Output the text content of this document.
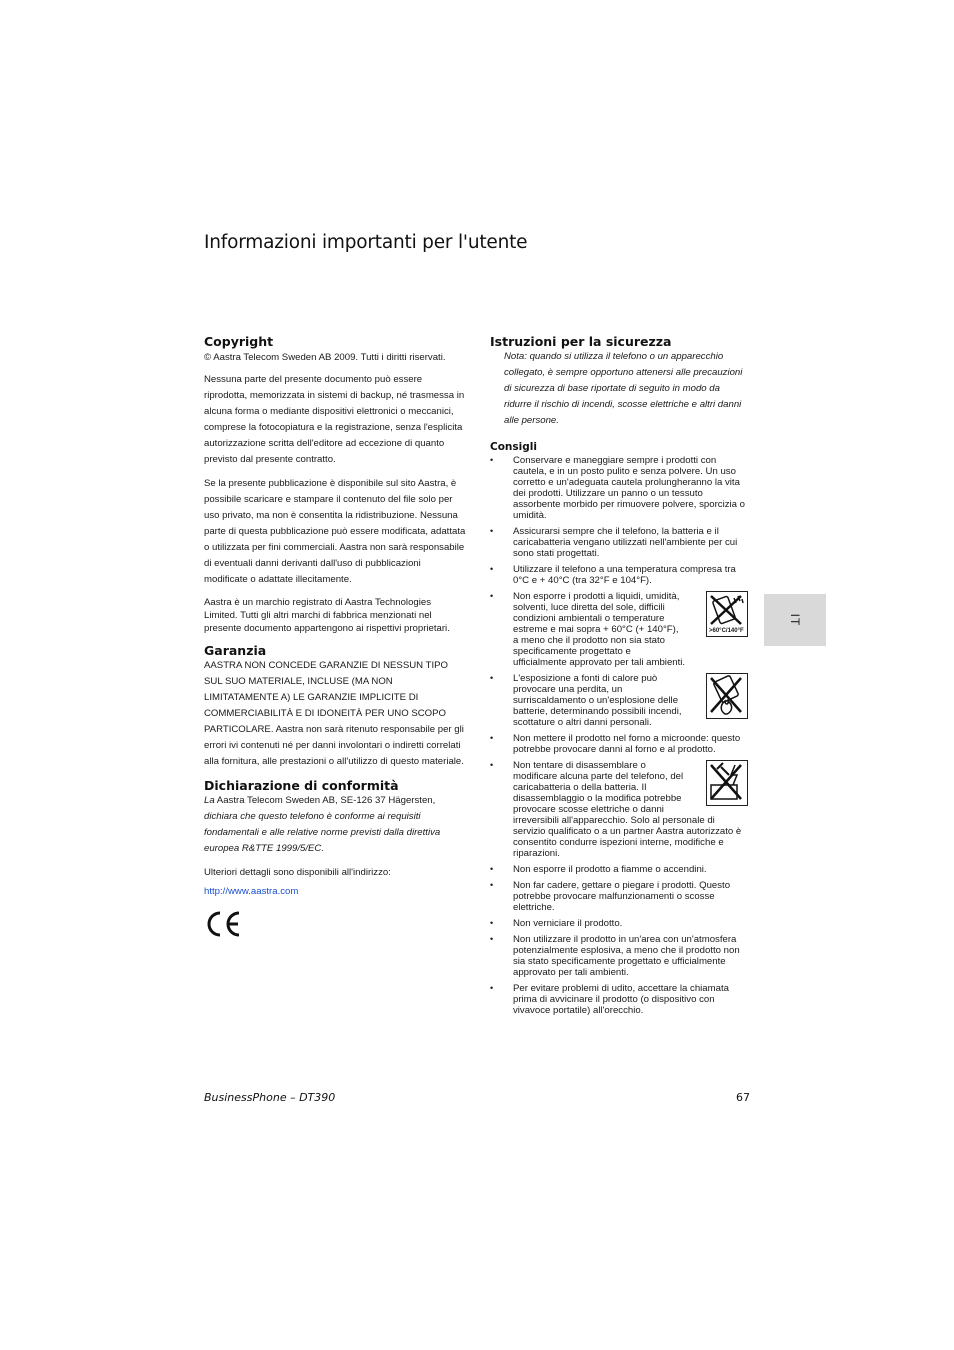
Informazioni importanti per l'utente
Copyright

© Aastra Telecom Sweden AB 2009. Tutti i diritti riservati.

Nessuna parte del presente documento può essere riprodotta, memorizzata in sistemi di backup, né trasmessa in alcuna forma o mediante dispositivi elettronici o meccanici, comprese la fotocopiatura e la registrazione, senza l'esplicita autorizzazione scritta dell'editore ad eccezione di quanto previsto dal presente contratto.

Se la presente pubblicazione è disponibile sul sito Aastra, è possibile scaricare e stampare il contenuto del file solo per uso privato, ma non è consentita la ridistribuzione. Nessuna parte di questa pubblicazione può essere modificata, adattata o utilizzata per fini commerciali. Aastra non sarà responsabile di eventuali danni derivanti dall'uso di pubblicazioni modificate o adattate illecitamente.

Aastra è un marchio registrato di Aastra Technologies Limited. Tutti gli altri marchi di fabbrica menzionati nel presente documento appartengono ai rispettivi proprietari.

Garanzia

AASTRA NON CONCEDE GARANZIE DI NESSUN TIPO SUL SUO MATERIALE, INCLUSE (MA NON LIMITATAMENTE A) LE GARANZIE IMPLICITE DI COMMERCIABILITÀ E DI IDONEITÀ PER UNO SCOPO PARTICOLARE. Aastra non sarà ritenuto responsabile per gli errori ivi contenuti né per danni involontari o indiretti correlati alla fornitura, alle prestazioni o all'utilizzo di questo materiale.

Dichiarazione di conformità

La Aastra Telecom Sweden AB, SE-126 37 Hägersten,

dichiara che questo telefono è conforme ai requisiti fondamentali e alle relative norme previsti dalla direttiva europea R&TTE 1999/5/EC.

Ulteriori dettagli sono disponibili all'indirizzo:

http://www.aastra.com
Istruzioni per la sicurezza

Nota: quando si utilizza il telefono o un apparecchio collegato, è sempre opportuno attenersi alle precauzioni di sicurezza di base riportate di seguito in modo da ridurre il rischio di incendi, scosse elettriche e altri danni alle persone.

Consigli
• Conservare e maneggiare sempre i prodotti con cautela, e in un posto pulito e senza polvere. Un uso corretto e un'adeguata cautela prolungheranno la vita dei prodotti. Utilizzare un panno o un tessuto assorbente morbido per rimuovere polvere, sporcizia o umidità.
• Assicurarsi sempre che il telefono, la batteria e il caricabatteria vengano utilizzati nell'ambiente per cui sono stati progettati.
• Utilizzare il telefono a una temperatura compresa tra 0°C e + 40°C (tra 32°F e 104°F).
• Non esporre i prodotti a liquidi, umidità, solventi, luce diretta del sole, difficili condizioni ambientali o temperature estreme e mai sopra + 60°C (+ 140°F), a meno che il prodotto non sia stato specificamente progettato e ufficialmente approvato per tali ambienti.
>60°C/140°F
• L'esposizione a fonti di calore può provocare una perdita, un surriscaldamento o un'esplosione delle batterie, determinando possibili incendi, scottature o altri danni personali.
• Non mettere il prodotto nel forno a microonde: questo potrebbe provocare danni al forno e al prodotto.
• Non tentare di disassemblare o modificare alcuna parte del telefono, del caricabatteria o della batteria. Il disassemblaggio o la modifica potrebbe provocare scosse elettriche o danni irreversibili all'apparecchio. Solo al personale di servizio qualificato o a un partner Aastra autorizzato è consentito condurre ispezioni interne, modifiche e riparazioni.
• Non esporre il prodotto a fiamme o accendini.
• Non far cadere, gettare o piegare i prodotti. Questo potrebbe provocare malfunzionamenti o scosse elettriche.
• Non verniciare il prodotto.
• Non utilizzare il prodotto in un'area con un'atmosfera potenzialmente esplosiva, a meno che il prodotto non sia stato specificamente progettato e ufficialmente approvato per tali ambienti.
• Per evitare problemi di udito, accettare la chiamata prima di avvicinare il prodotto (o dispositivo con vivavoce portatile) all'orecchio.
IT
BusinessPhone – DT390	67
